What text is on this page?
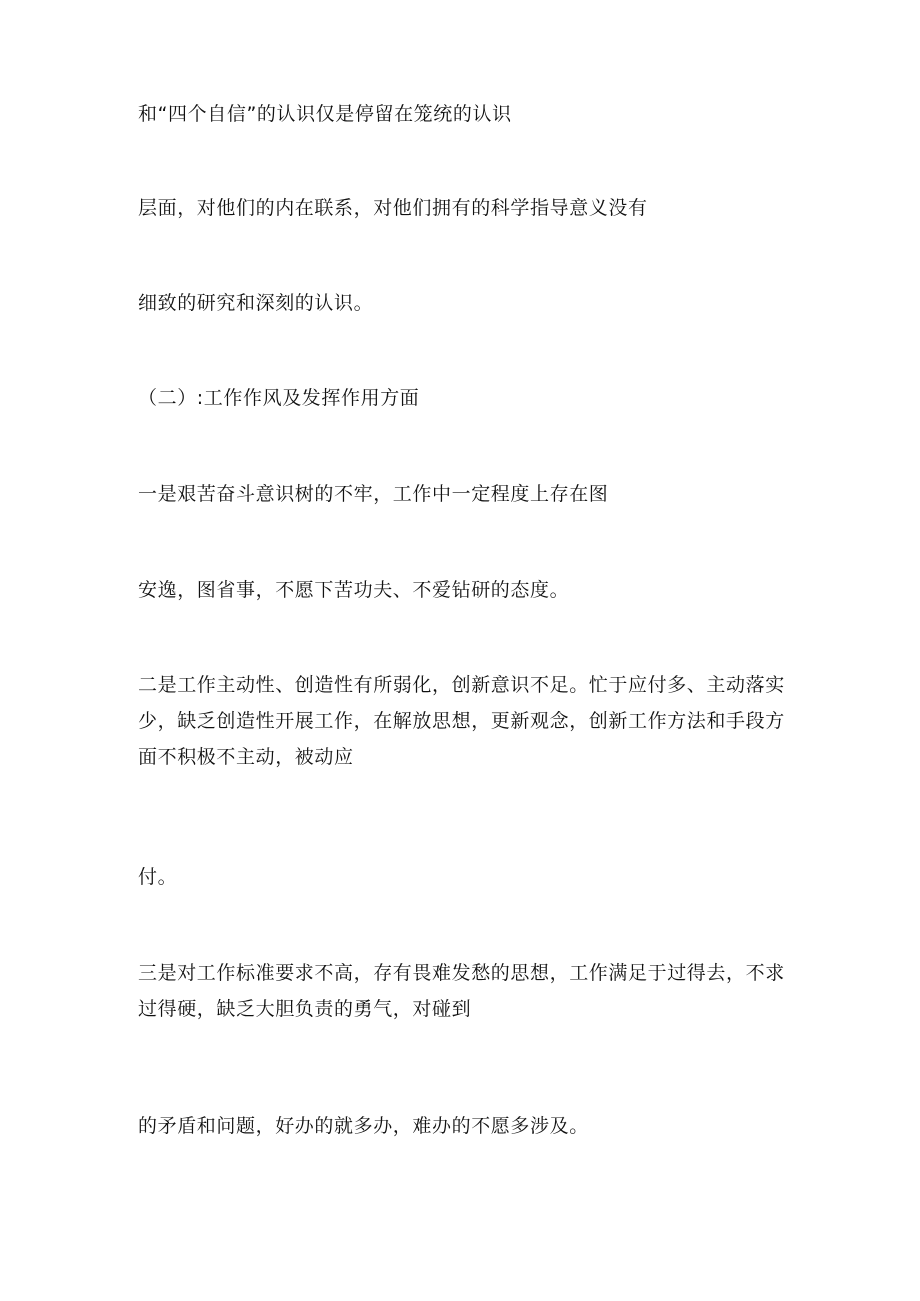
和“四个自信”的认识仅是停留在笼统的认识
层面，对他们的内在联系，对他们拥有的科学指导意义没有
细致的研究和深刻的认识。
（二）:工作作风及发挥作用方面
一是艰苦奋斗意识树的不牢，工作中一定程度上存在图
安逸，图省事，不愿下苦功夫、不爱钻研的态度。
二是工作主动性、创造性有所弱化，创新意识不足。忙于应付多、主动落实少，缺乏创造性开展工作，在解放思想，更新观念，创新工作方法和手段方面不积极不主动，被动应
付。
三是对工作标准要求不高，存有畏难发愁的思想，工作满足于过得去，不求过得硬，缺乏大胆负责的勇气，对碰到
的矛盾和问题，好办的就多办，难办的不愿多涉及。
